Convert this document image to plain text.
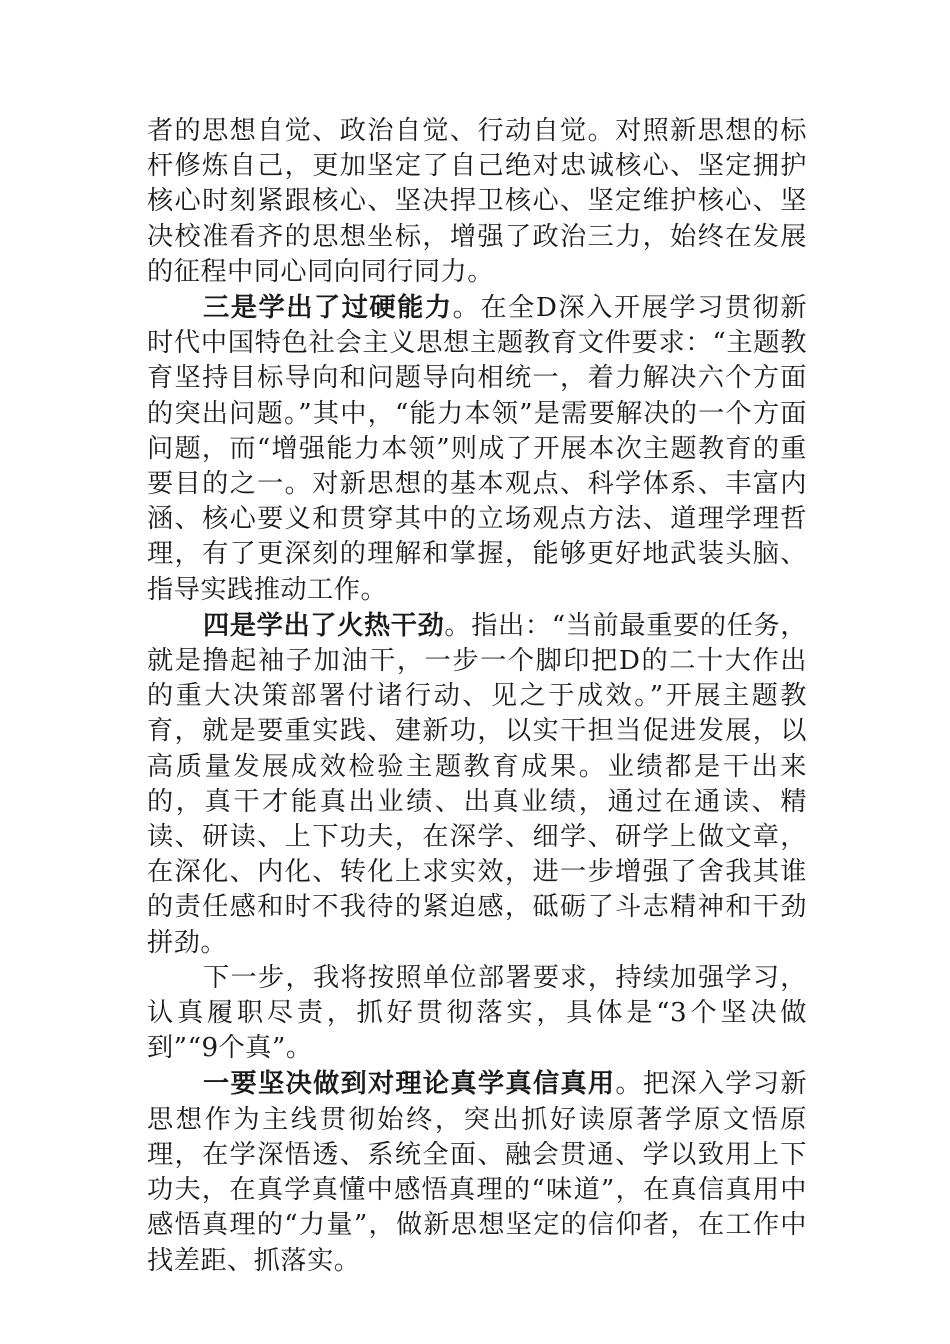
者的思想自觉、政治自觉、行动自觉。对照新思想的标杆修炼自己，更加坚定了自己绝对忠诚核心、坚定拥护核心时刻紧跟核心、坚决捍卫核心、坚定维护核心、坚决校准看齐的思想坐标，增强了政治三力，始终在发展的征程中同心同向同行同力。

三是学出了过硬能力。在全D深入开展学习贯彻新时代中国特色社会主义思想主题教育文件要求：“主题教育坚持目标导向和问题导向相统一，着力解决六个方面的突出问题。”其中，“能力本领”是需要解决的一个方面问题，而“增强能力本领”则成了开展本次主题教育的重要目的之一。对新思想的基本观点、科学体系、丰富内涵、核心要义和贯穿其中的立场观点方法、道理学理哲理，有了更深刻的理解和掌握，能够更好地武装头脑、指导实践推动工作。

四是学出了火热干劲。指出：“当前最重要的任务，就是撸起袖子加油干，一步一个脚印把D的二十大作出的重大决策部署付诸行动、见之于成效。”开展主题教育，就是要重实践、建新功，以实干担当促进发展，以高质量发展成效检验主题教育成果。业绩都是干出来的，真干才能真出业绩、出真业绩，通过在通读、精读、研读、上下功夫，在深学、细学、研学上做文章，在深化、内化、转化上求实效，进一步增强了舍我其谁的责任感和时不我待的紧迫感，砥砺了斗志精神和干劲拼劲。

下一步，我将按照单位部署要求，持续加强学习，认真履职尽责，抓好贯彻落实，具体是“3个坚决做到”“9个真”。

一要坚决做到对理论真学真信真用。把深入学习新思想作为主线贯彻始终，突出抓好读原著学原文悟原理，在学深悟透、系统全面、融会贯通、学以致用上下功夫，在真学真懂中感悟真理的“味道”，在真信真用中感悟真理的“力量”，做新思想坚定的信仰者，在工作中找差距、抓落实。
